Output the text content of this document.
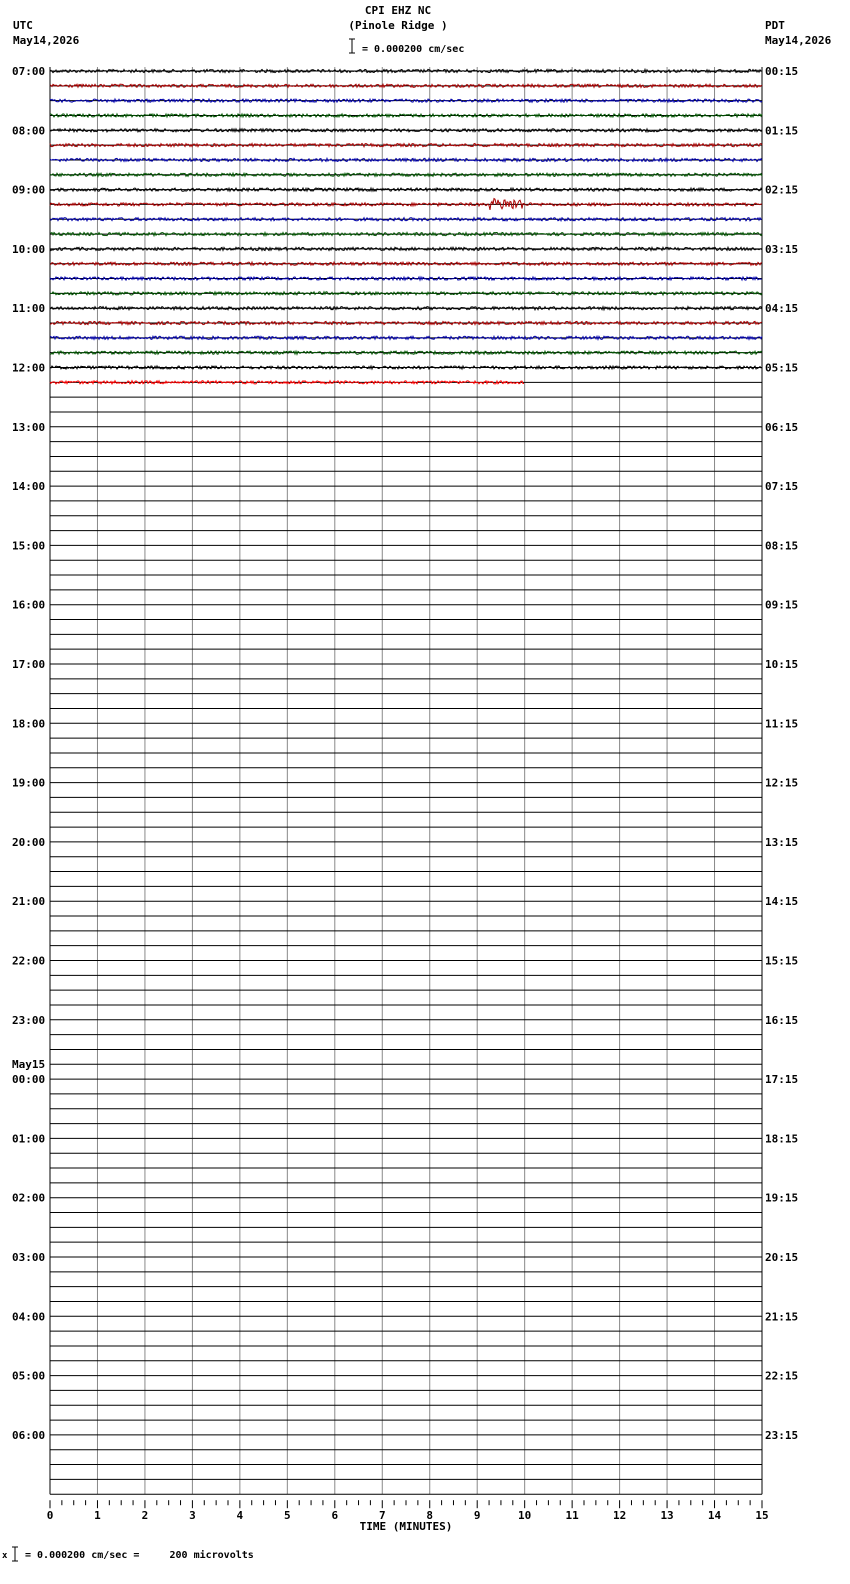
CPI EHZ NC
(Pinole Ridge )
= 0.000200 cm/sec
UTC
May14,2026
PDT
May14,2026
07:00
08:00
09:00
10:00
11:00
12:00
13:00
14:00
15:00
16:00
17:00
18:00
19:00
20:00
21:00
22:00
23:00
00:00
May15
01:00
02:00
03:00
04:00
05:00
06:00
00:15
01:15
02:15
03:15
04:15
05:15
06:15
07:15
08:15
09:15
10:15
11:15
12:15
13:15
14:15
15:15
16:15
17:15
18:15
19:15
20:15
21:15
22:15
23:15
0	1	2	3	4	5	6	7	8	9	10	11	12	13	14	15
TIME (MINUTES)
x = 0.000200 cm/sec =     200 microvolts
